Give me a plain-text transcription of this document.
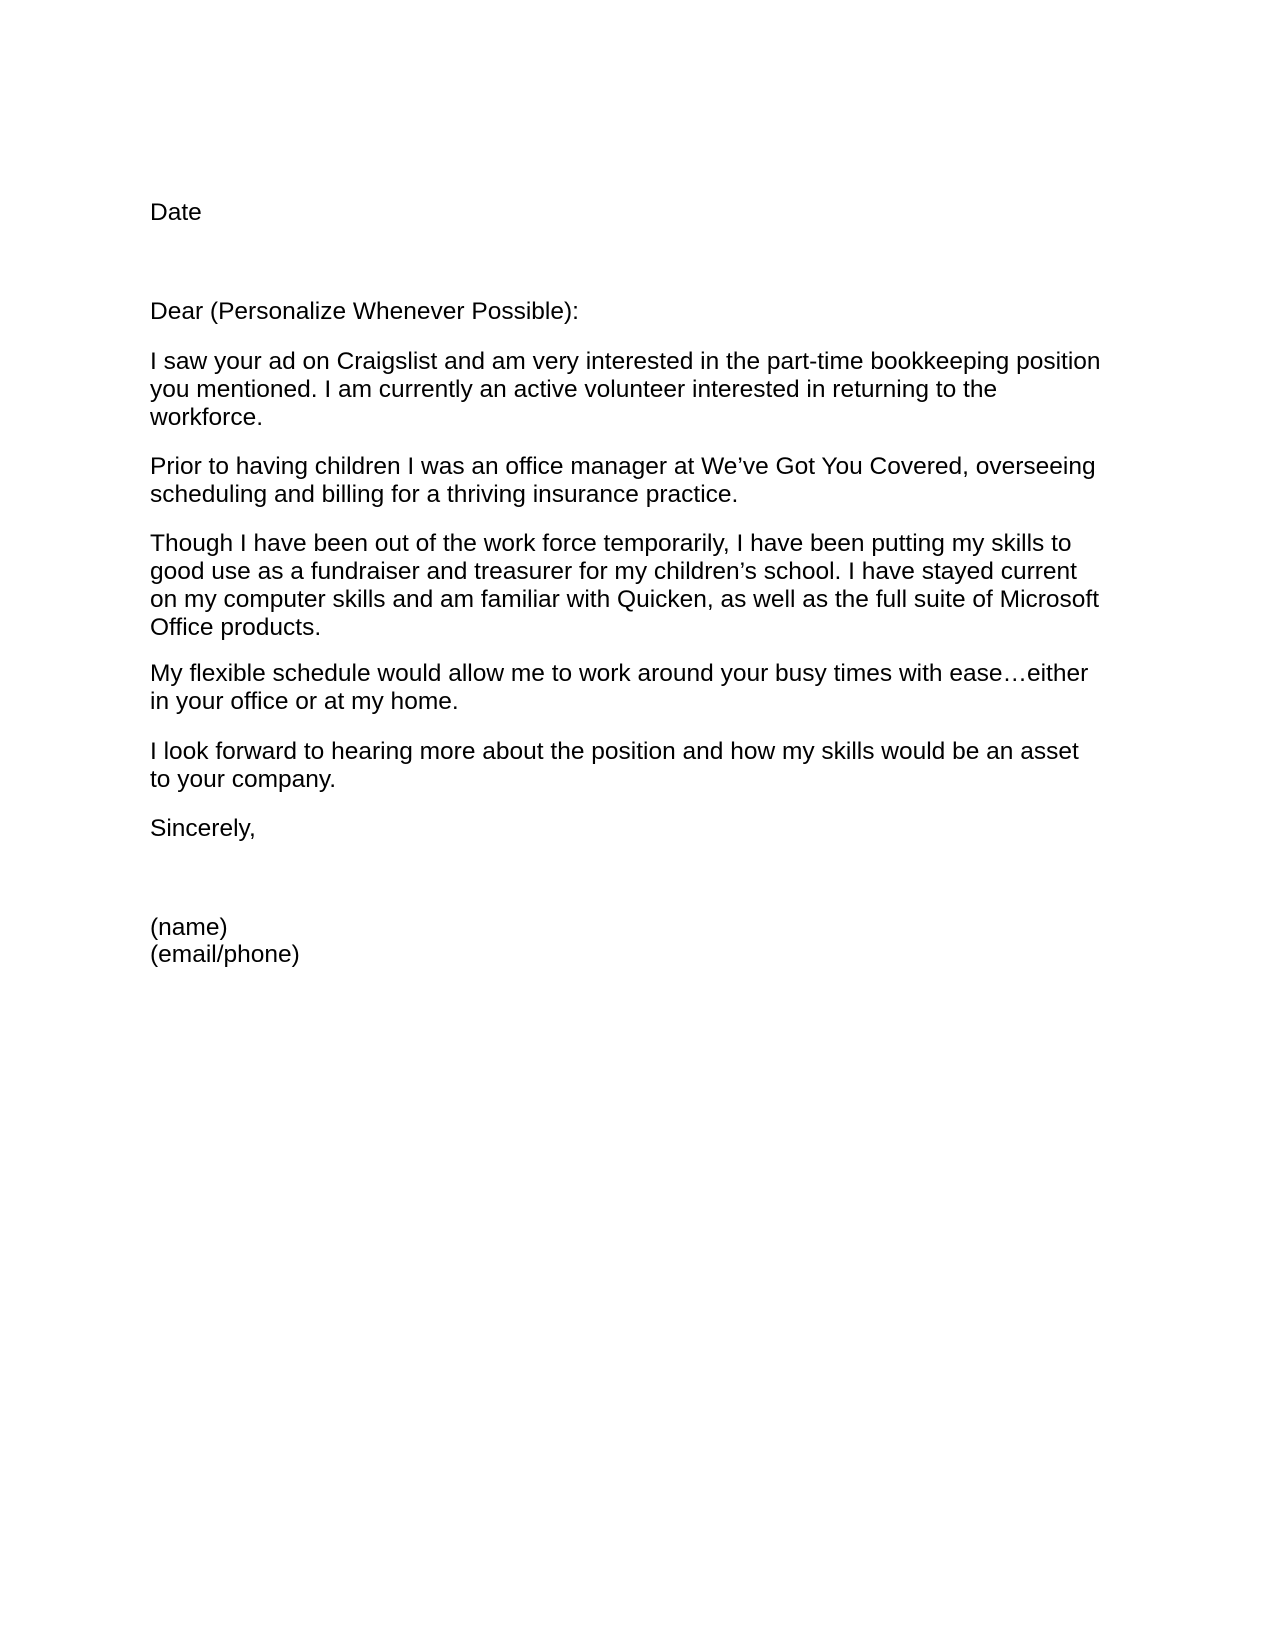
Date
Dear (Personalize Whenever Possible):
I saw your ad on Craigslist and am very interested in the part-time bookkeeping position
you mentioned. I am currently an active volunteer interested in returning to the
workforce.
Prior to having children I was an office manager at We’ve Got You Covered, overseeing
scheduling and billing for a thriving insurance practice.
Though I have been out of the work force temporarily, I have been putting my skills to
good use as a fundraiser and treasurer for my children’s school. I have stayed current
on my computer skills and am familiar with Quicken, as well as the full suite of Microsoft
Office products.
My flexible schedule would allow me to work around your busy times with ease…either
in your office or at my home.
I look forward to hearing more about the position and how my skills would be an asset
to your company.
Sincerely,
(name)
(email/phone)
